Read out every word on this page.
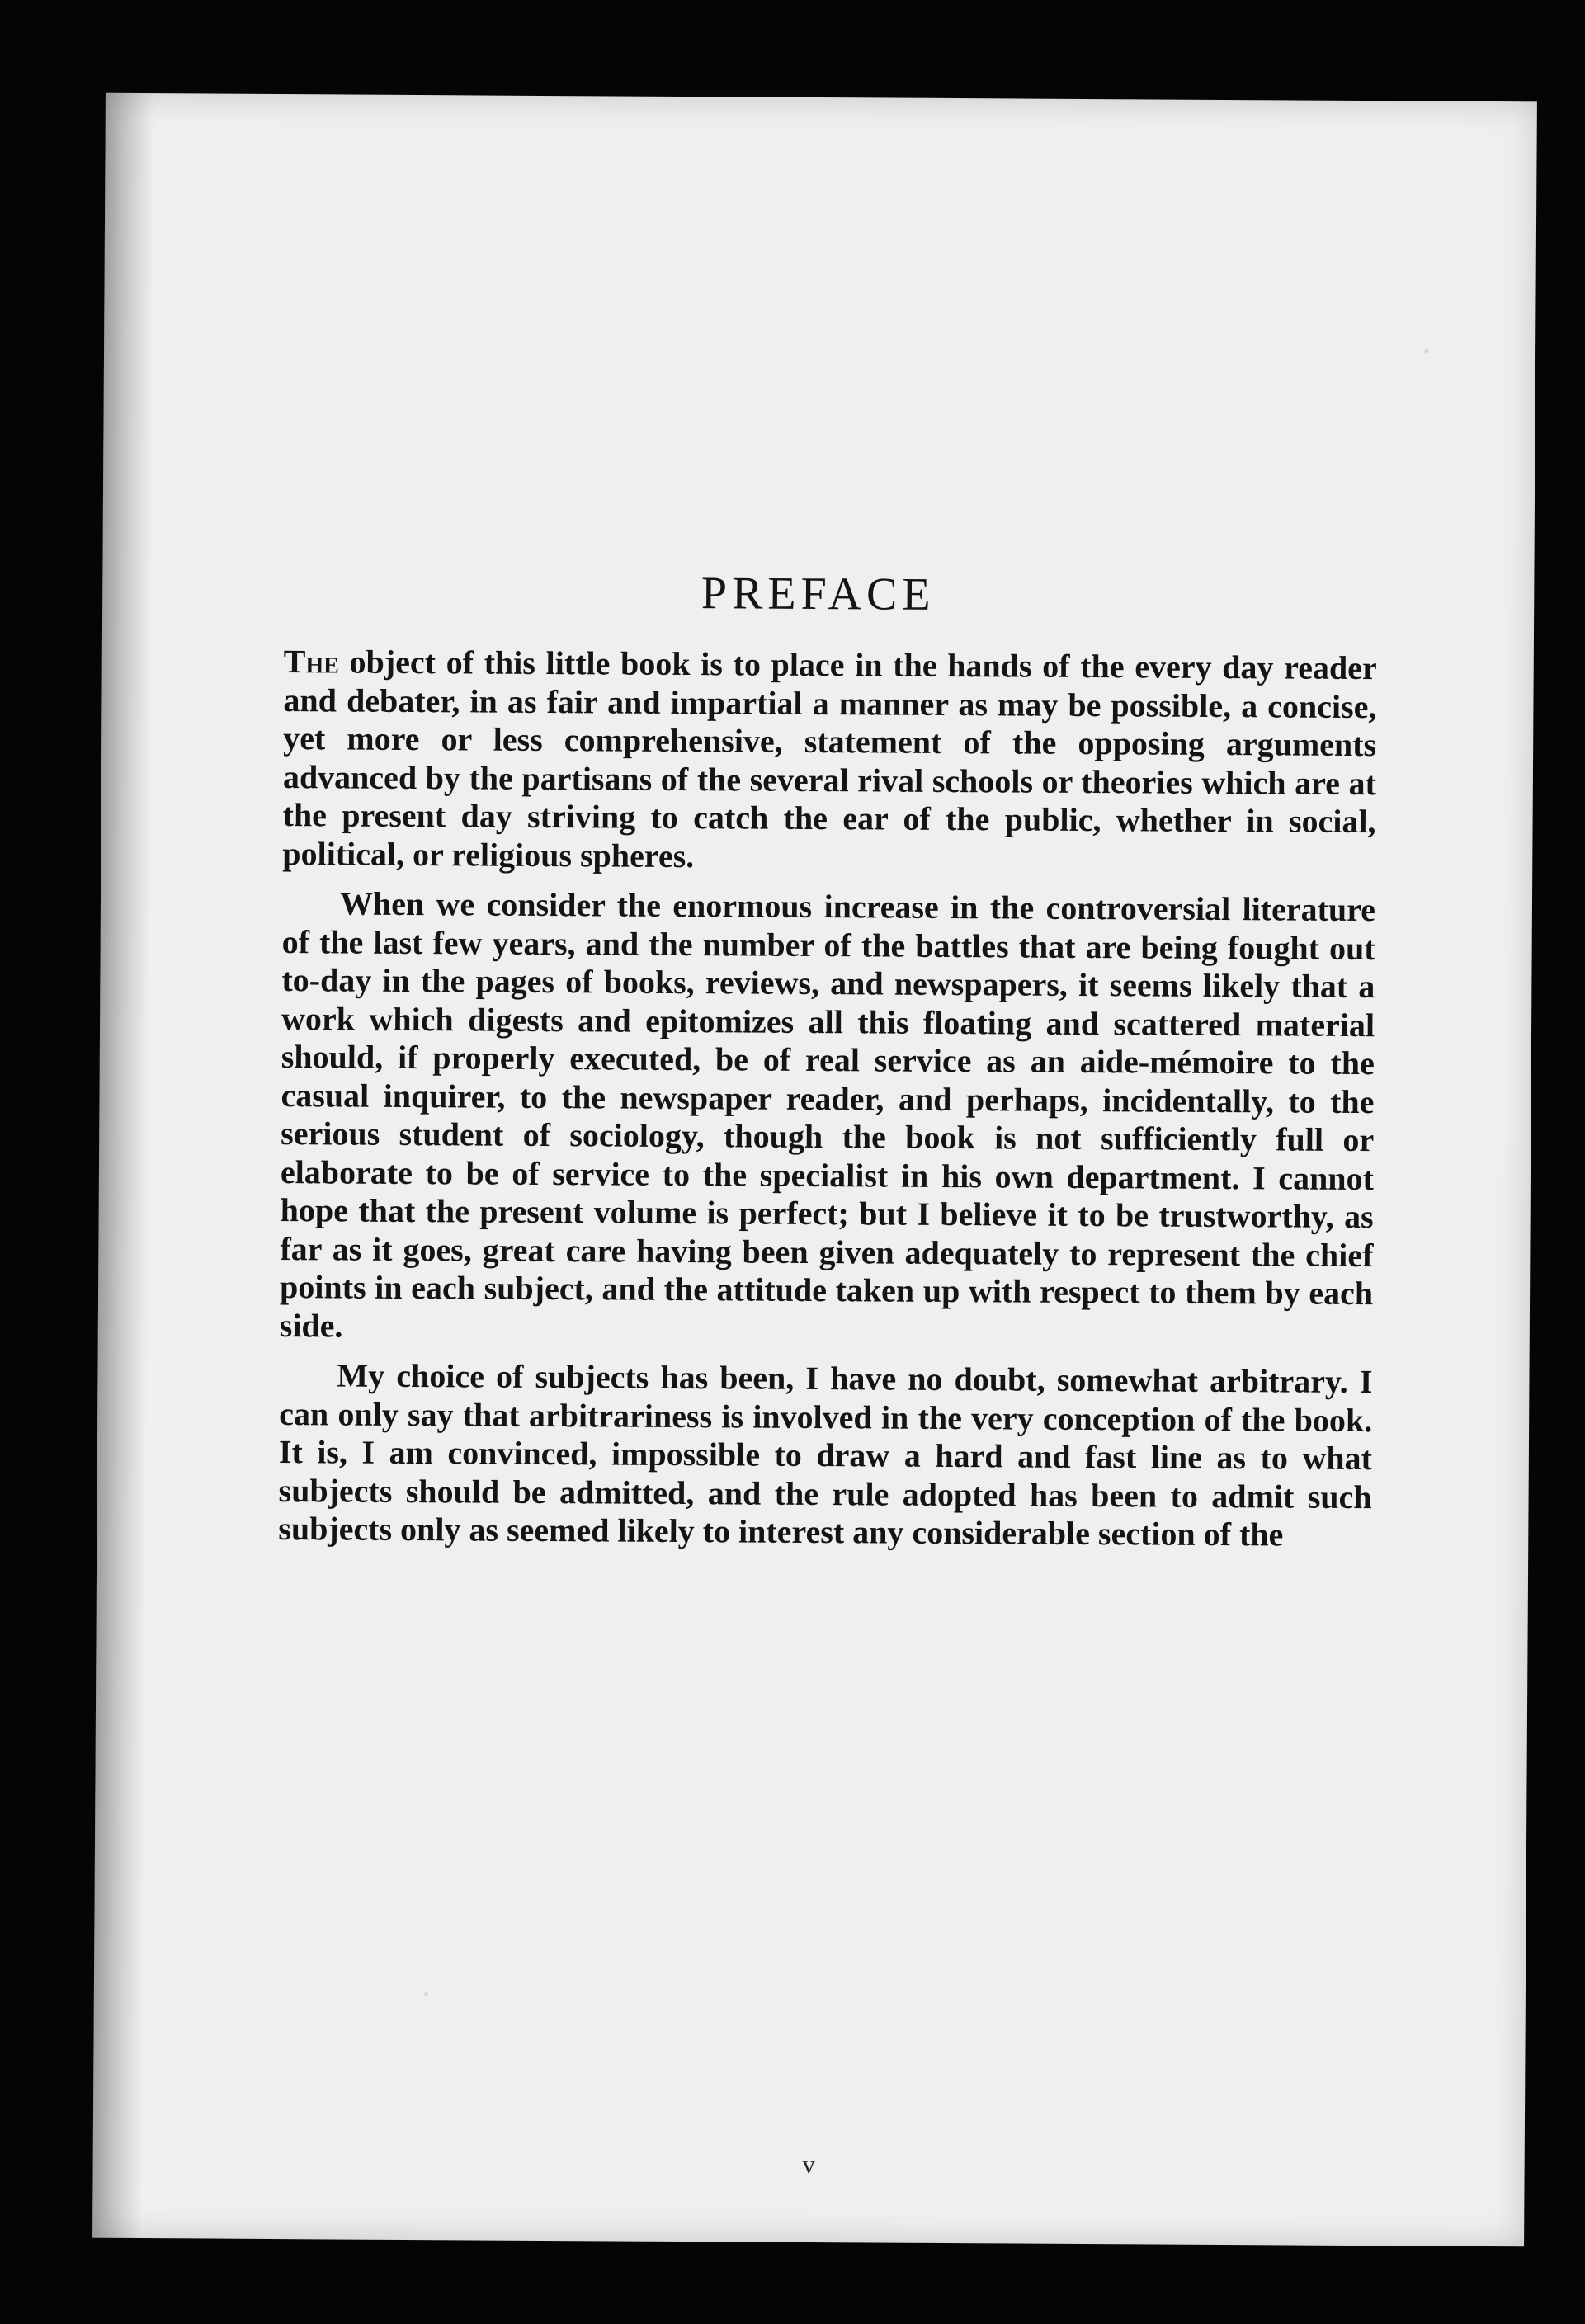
PREFACE

The object of this little book is to place in the hands of the every day reader and debater, in as fair and impartial a manner as may be possible, a concise, yet more or less comprehensive, statement of the opposing arguments advanced by the partisans of the several rival schools or theories which are at the present day striving to catch the ear of the public, whether in social, political, or religious spheres.

When we consider the enormous increase in the controversial literature of the last few years, and the number of the battles that are being fought out to-day in the pages of books, reviews, and newspapers, it seems likely that a work which digests and epitomizes all this floating and scattered material should, if properly executed, be of real service as an aide-mémoire to the casual inquirer, to the newspaper reader, and perhaps, incidentally, to the serious student of sociology, though the book is not sufficiently full or elaborate to be of service to the specialist in his own department. I cannot hope that the present volume is perfect; but I believe it to be trustworthy, as far as it goes, great care having been given adequately to represent the chief points in each subject, and the attitude taken up with respect to them by each side.

My choice of subjects has been, I have no doubt, somewhat arbitrary. I can only say that arbitrariness is involved in the very conception of the book. It is, I am convinced, impossible to draw a hard and fast line as to what subjects should be admitted, and the rule adopted has been to admit such subjects only as seemed likely to interest any considerable section of the

v
